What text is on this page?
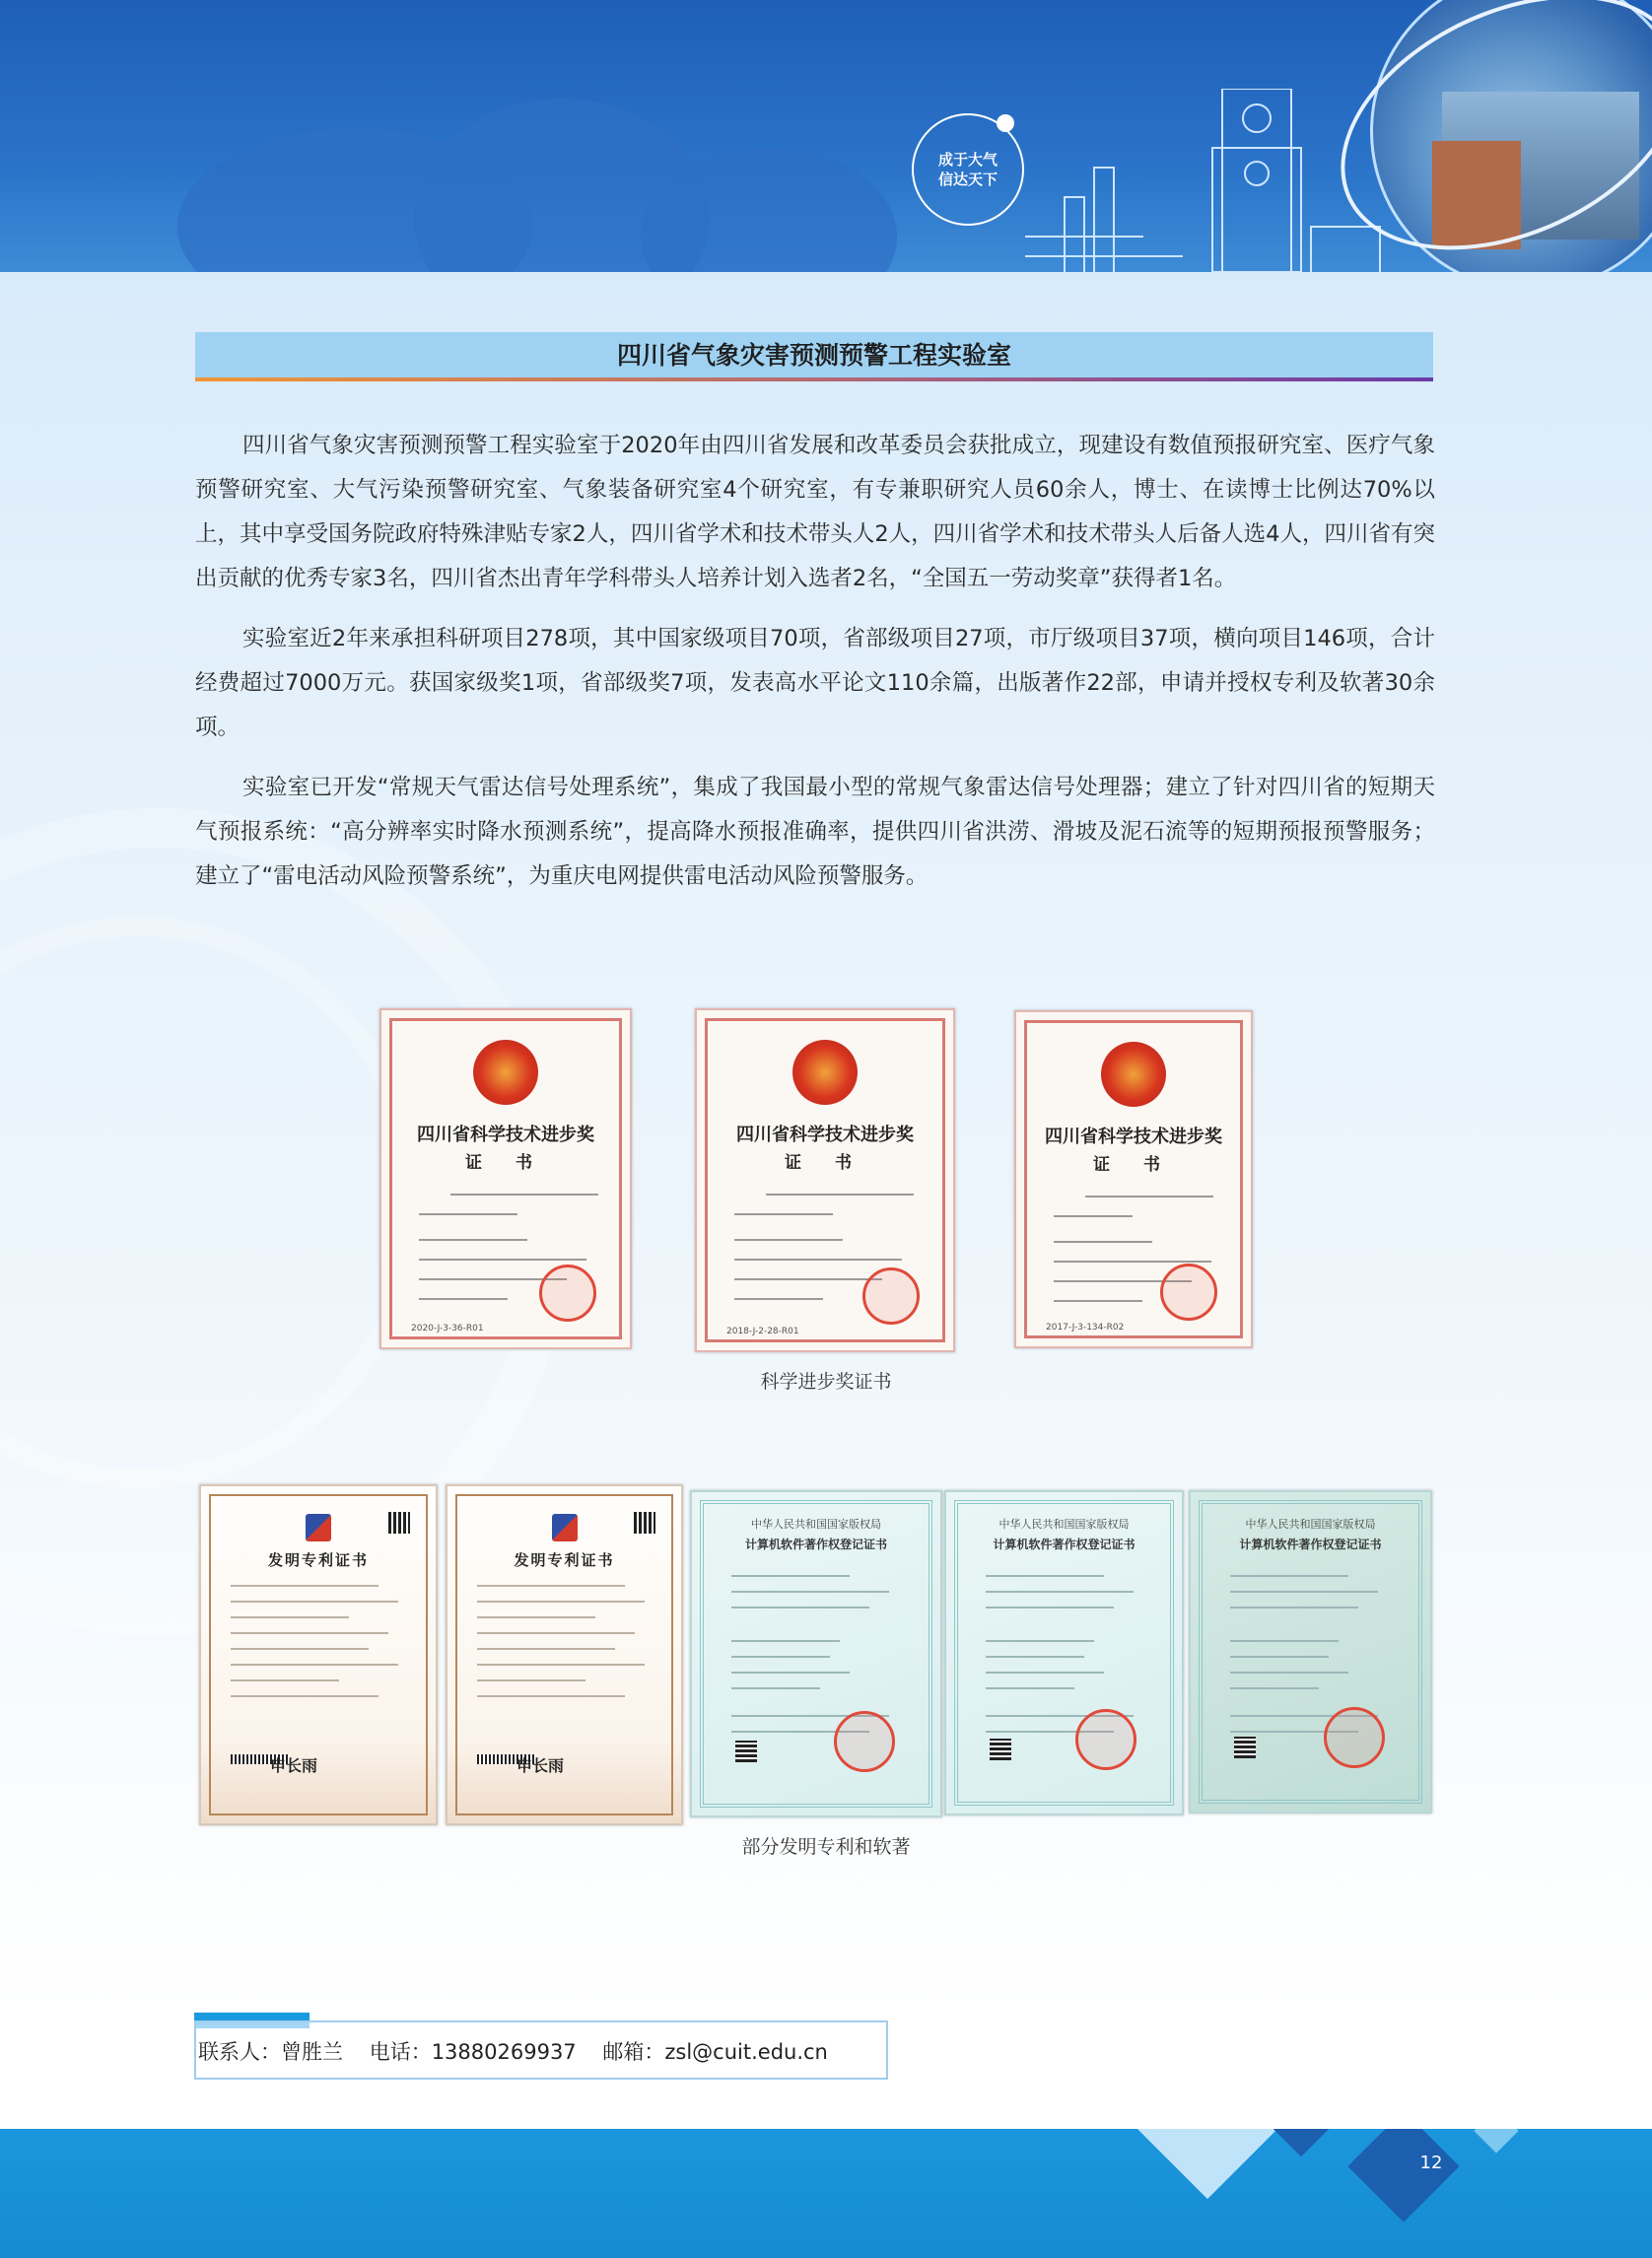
成于大气
信达天下
四川省气象灾害预测预警工程实验室

四川省气象灾害预测预警工程实验室于2020年由四川省发展和改革委员会获批成立，现建设有数值预报研究室、医疗气象预警研究室、大气污染预警研究室、气象装备研究室4个研究室，有专兼职研究人员60余人，博士、在读博士比例达70%以上，其中享受国务院政府特殊津贴专家2人，四川省学术和技术带头人2人，四川省学术和技术带头人后备人选4人，四川省有突出贡献的优秀专家3名，四川省杰出青年学科带头人培养计划入选者2名，“全国五一劳动奖章”获得者1名。

实验室近2年来承担科研项目278项，其中国家级项目70项，省部级项目27项，市厅级项目37项，横向项目146项，合计经费超过7000万元。获国家级奖1项，省部级奖7项，发表高水平论文110余篇，出版著作22部，申请并授权专利及软著30余项。

实验室已开发“常规天气雷达信号处理系统”，集成了我国最小型的常规气象雷达信号处理器；建立了针对四川省的短期天气预报系统：“高分辨率实时降水预测系统”，提高降水预报准确率，提供四川省洪涝、滑坡及泥石流等的短期预报预警服务；建立了“雷电活动风险预警系统”，为重庆电网提供雷电活动风险预警服务。

四川省科学技术进步奖
证 书
2020-J-3-36-R01
四川省科学技术进步奖
证 书
2018-J-2-28-R01
四川省科学技术进步奖
证 书
2017-J-3-134-R02
科学进步奖证书
发明专利证书
申长雨
发明专利证书
申长雨
中华人民共和国国家版权局
计算机软件著作权登记证书
中华人民共和国国家版权局
计算机软件著作权登记证书
中华人民共和国国家版权局
计算机软件著作权登记证书
部分发明专利和软著
联系人：曾胜兰    电话：13880269937    邮箱：zsl@cuit.edu.cn
12
